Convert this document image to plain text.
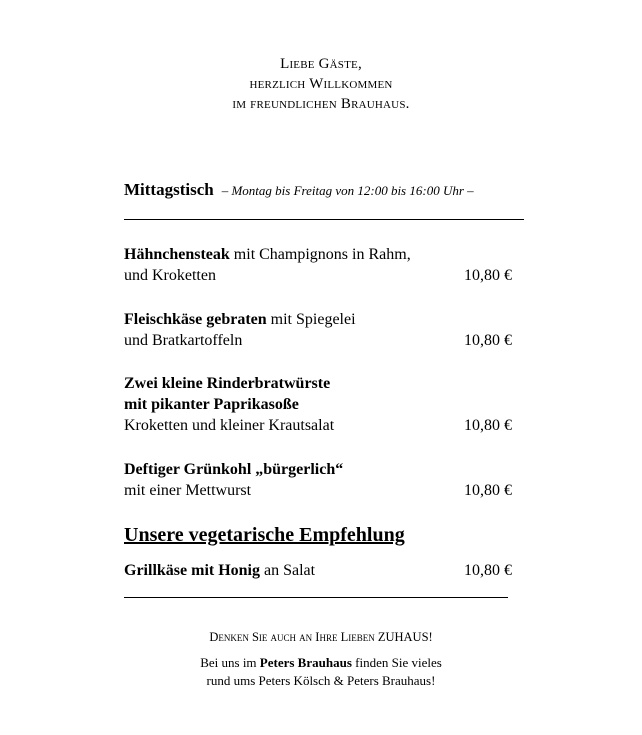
Liebe Gäste,
herzlich Willkommen
im freundlichen Brauhaus.
Mittagstisch – Montag bis Freitag von 12:00 bis 16:00 Uhr –
Hähnchensteak mit Champignons in Rahm,
und Kroketten	10,80 €
Fleischkäse gebraten mit Spiegelei
und Bratkartoffeln	10,80 €
Zwei kleine Rinderbratwürste
mit pikanter Paprikasoße
Kroketten und kleiner Krautsalat	10,80 €
Deftiger Grünkohl „bürgerlich“
mit einer Mettwurst	10,80 €
Unsere vegetarische Empfehlung
Grillkäse mit Honig an Salat	10,80 €
Denken Sie auch an Ihre Lieben ZUHAUS!
Bei uns im Peters Brauhaus finden Sie vieles
rund ums Peters Kölsch & Peters Brauhaus!
